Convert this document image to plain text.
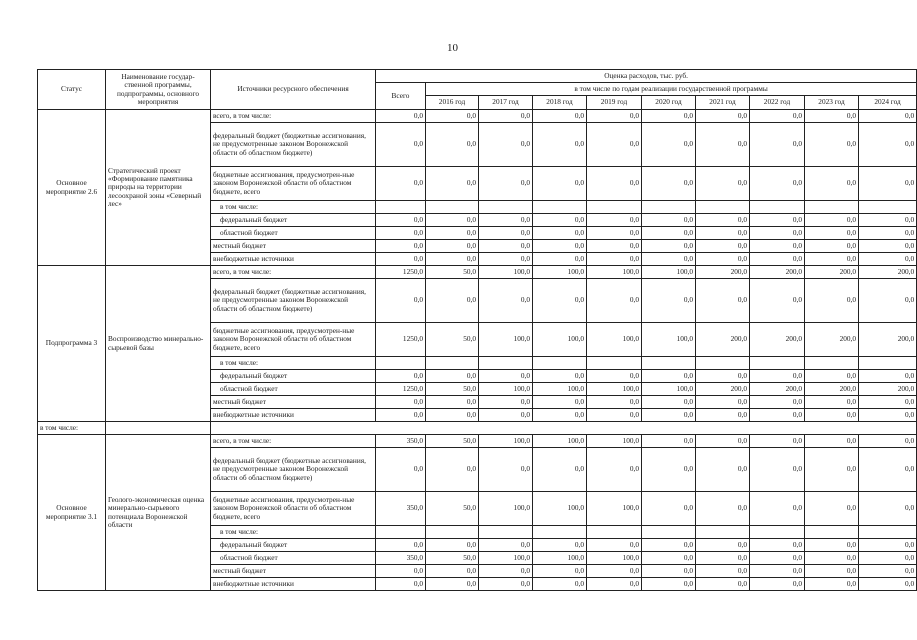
10
Статус	Наименование государ-ственной программы, подпрограммы, основного мероприятия	Источники ресурсного обеспечения	Оценка расходов, тыс. руб.									
			Всего	в том числе по годам реализации государственной программы								
				2016 год	2017 год	2018 год	2019 год	2020 год	2021 год	2022 год	2023 год	2024 год
Основное мероприятие 2.6	Стратегический проект «Формирование памятника природы на территории лесоохраной зоны «Северный лес»	всего, в том числе:	0,0	0,0	0,0	0,0	0,0	0,0	0,0	0,0	0,0	0,0
		федеральный бюджет (бюджетные ассигнования, не предусмотренные законом Воронежской области об областном бюджете)	0,0	0,0	0,0	0,0	0,0	0,0	0,0	0,0	0,0	0,0
		бюджетные ассигнования, предусмотрен-ные законом Воронежской области об областном бюджете, всего	0,0	0,0	0,0	0,0	0,0	0,0	0,0	0,0	0,0	0,0
		в том числе:										
		федеральный бюджет	0,0	0,0	0,0	0,0	0,0	0,0	0,0	0,0	0,0	0,0
		областной бюджет	0,0	0,0	0,0	0,0	0,0	0,0	0,0	0,0	0,0	0,0
		местный бюджет	0,0	0,0	0,0	0,0	0,0	0,0	0,0	0,0	0,0	0,0
		внебюджетные источники	0,0	0,0	0,0	0,0	0,0	0,0	0,0	0,0	0,0	0,0
Подпрограмма 3	Воспроизводство минерально-сырьевой базы	всего, в том числе:	1250,0	50,0	100,0	100,0	100,0	100,0	200,0	200,0	200,0	200,0
		федеральный бюджет (бюджетные ассигнования, не предусмотренные законом Воронежской области об областном бюджете)	0,0	0,0	0,0	0,0	0,0	0,0	0,0	0,0	0,0	0,0
		бюджетные ассигнования, предусмотрен-ные законом Воронежской области об областном бюджете, всего	1250,0	50,0	100,0	100,0	100,0	100,0	200,0	200,0	200,0	200,0
		в том числе:										
		федеральный бюджет	0,0	0,0	0,0	0,0	0,0	0,0	0,0	0,0	0,0	0,0
		областной бюджет	1250,0	50,0	100,0	100,0	100,0	100,0	200,0	200,0	200,0	200,0
		местный бюджет	0,0	0,0	0,0	0,0	0,0	0,0	0,0	0,0	0,0	0,0
		внебюджетные источники	0,0	0,0	0,0	0,0	0,0	0,0	0,0	0,0	0,0	0,0
в том числе:												
Основное мероприятие 3.1	Геолого-экономическая оценка минерально-сырьевого потенциала Воронежской области	всего, в том числе:	350,0	50,0	100,0	100,0	100,0	0,0	0,0	0,0	0,0	0,0
		федеральный бюджет (бюджетные ассигнования, не предусмотренные законом Воронежской области об областном бюджете)	0,0	0,0	0,0	0,0	0,0	0,0	0,0	0,0	0,0	0,0
		бюджетные ассигнования, предусмотрен-ные законом Воронежской области об областном бюджете, всего	350,0	50,0	100,0	100,0	100,0	0,0	0,0	0,0	0,0	0,0
		в том числе:										
		федеральный бюджет	0,0	0,0	0,0	0,0	0,0	0,0	0,0	0,0	0,0	0,0
		областной бюджет	350,0	50,0	100,0	100,0	100,0	0,0	0,0	0,0	0,0	0,0
		местный бюджет	0,0	0,0	0,0	0,0	0,0	0,0	0,0	0,0	0,0	0,0
		внебюджетные источники	0,0	0,0	0,0	0,0	0,0	0,0	0,0	0,0	0,0	0,0
